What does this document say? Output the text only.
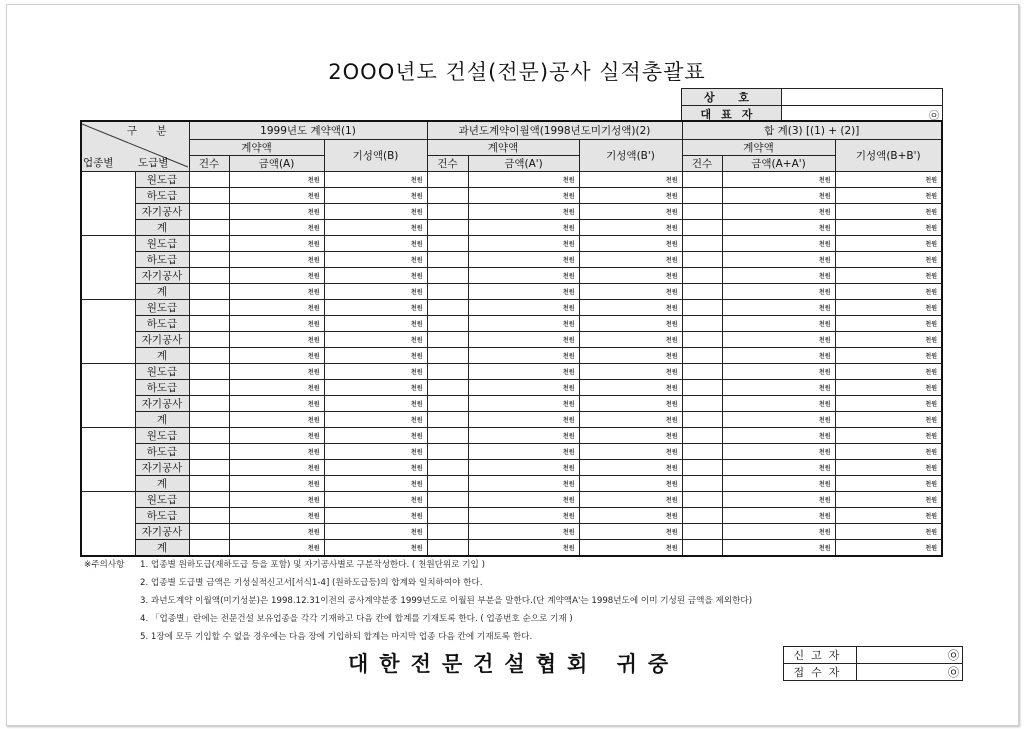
2OOO년도 건설(전문)공사 실적총괄표
상 호	
대표자	㉧
구 분
업종별 도급별		1999년도 계약액(1)			과년도계약이월액(1998년도미기성액)(2)			합 계(3) [(1) + (2)]		
		계약액		기성액(B)	계약액		기성액(B')	계약액		기성액(B+B')
		건수	금액(A)		건수	금액(A')		건수	금액(A+A')	
	원도급		천원	천원		천원	천원		천원	천원
	하도급		천원	천원		천원	천원		천원	천원
	자기공사		천원	천원		천원	천원		천원	천원
	계		천원	천원		천원	천원		천원	천원
	원도급		천원	천원		천원	천원		천원	천원
	하도급		천원	천원		천원	천원		천원	천원
	자기공사		천원	천원		천원	천원		천원	천원
	계		천원	천원		천원	천원		천원	천원
	원도급		천원	천원		천원	천원		천원	천원
	하도급		천원	천원		천원	천원		천원	천원
	자기공사		천원	천원		천원	천원		천원	천원
	계		천원	천원		천원	천원		천원	천원
	원도급		천원	천원		천원	천원		천원	천원
	하도급		천원	천원		천원	천원		천원	천원
	자기공사		천원	천원		천원	천원		천원	천원
	계		천원	천원		천원	천원		천원	천원
	원도급		천원	천원		천원	천원		천원	천원
	하도급		천원	천원		천원	천원		천원	천원
	자기공사		천원	천원		천원	천원		천원	천원
	계		천원	천원		천원	천원		천원	천원
	원도급		천원	천원		천원	천원		천원	천원
	하도급		천원	천원		천원	천원		천원	천원
	자기공사		천원	천원		천원	천원		천원	천원
	계		천원	천원		천원	천원		천원	천원
※주의사항	1. 업종별 원하도급(재하도급 등을 포함) 및 자기공사별로 구분작성한다. ( 천원단위로 기입 )
2. 업종별 도급별 금액은 기성실적신고서[서식1-4] (원하도급등)의 합계와 일치하여야 한다.
3. 과년도계약 이월액(미기성분)은 1998.12.31이전의 공사계약분중 1999년도로 이월된 부분을 말한다.(단 계약액A'는 1998년도에 이미 기성된 금액을 제외한다)
4. 「업종별」란에는 전문건설 보유업종을 각각 기재하고 다음 칸에 합계를 기재토록 한다. ( 업종번호 순으로 기재 )
5. 1장에 모두 기입할 수 없을 경우에는 다음 장에 기입하되 합계는 마지막 업종 다음 칸에 기재토록 한다.
대한전문건설협회 귀중	신고자	㉧
접수자	㉧
